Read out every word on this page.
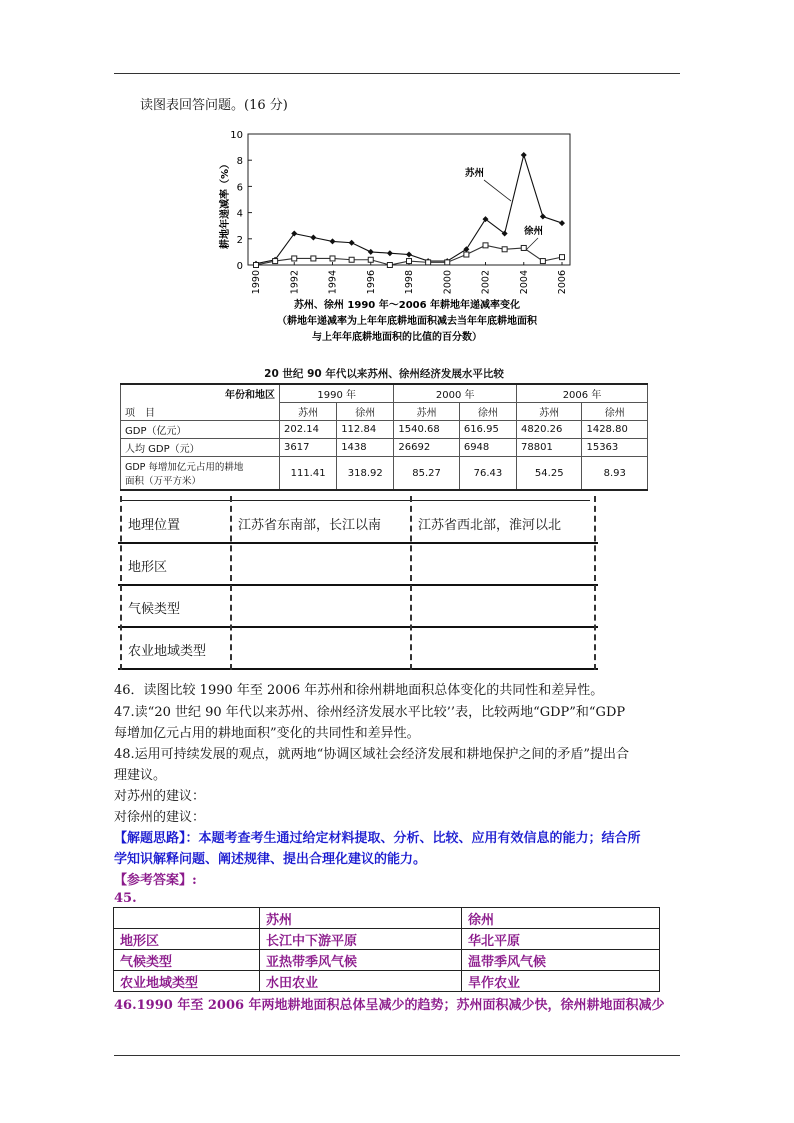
读图表回答问题。(16 分)
耕地年递减率（%）
苏州、徐州 1990 年～2006 年耕地年递减率变化
（耕地年递减率为上年年底耕地面积减去当年年底耕地面积
与上年年底耕地面积的比值的百分数）
0
2
4
6
8
10
1990	1992	1994	1996	1998	2000	2002	2004	2006
苏州
徐州
20 世纪 90 年代以来苏州、徐州经济发展水平比较
年份和地区	1990 年		2000 年		2006 年	
项　目	苏州	徐州	苏州	徐州	苏州	徐州
GDP（亿元）	202.14	112.84	1540.68	616.95	4820.26	1428.80
人均 GDP（元）	3617	1438	26692	6948	78801	15363

GDP 每增加亿元占用的耕地
面积（万平方米）	111.41	318.92	85.27	76.43	54.25	8.93
地理位置	江苏省东南部，长江以南	江苏省西北部，淮河以北
地形区
气候类型
农业地域类型
46．读图比较 1990 年至 2006 年苏州和徐州耕地面积总体变化的共同性和差异性。
47.读“20 世纪 90 年代以来苏州、徐州经济发展水平比较’’表，比较两地“GDP”和“GDP
每增加亿元占用的耕地面积”变化的共同性和差异性。
48.运用可持续发展的观点，就两地“协调区域社会经济发展和耕地保护之间的矛盾”提出合
理建议。
对苏州的建议：
对徐州的建议：
【解题思路】：本题考查考生通过给定材料提取、分析、比较、应用有效信息的能力；结合所
学知识解释问题、阐述规律、提出合理化建议的能力。
【参考答案】:
45.
	苏州	徐州
地形区	长江中下游平原	华北平原
气候类型	亚热带季风气候	温带季风气候
农业地域类型	水田农业	旱作农业
46.1990 年至 2006 年两地耕地面积总体呈减少的趋势；苏州面积减少快，徐州耕地面积减少
